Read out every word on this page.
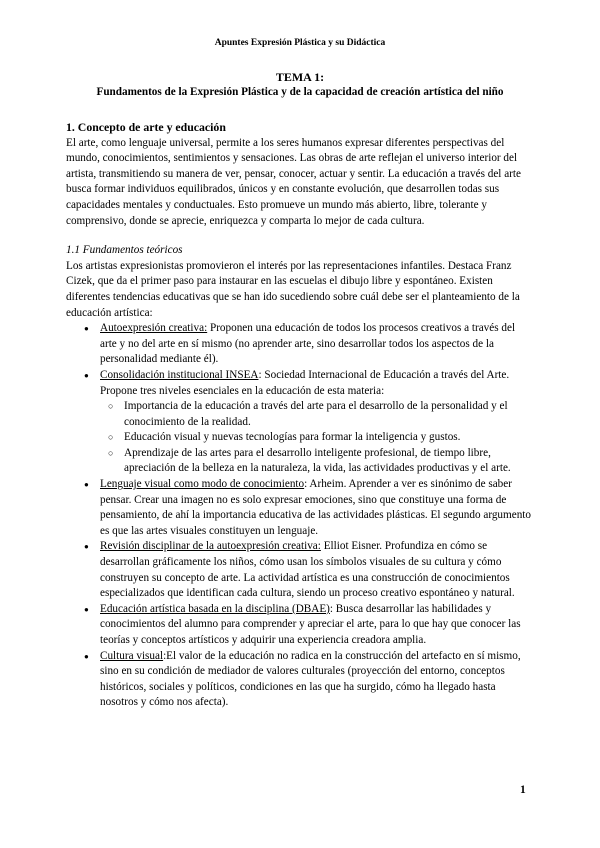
Apuntes Expresión Plástica y su Didáctica

TEMA 1:

Fundamentos de la Expresión Plástica y de la capacidad de creación artística del niño

1. Concepto de arte y educación

El arte, como lenguaje universal, permite a los seres humanos expresar diferentes perspectivas del mundo, conocimientos, sentimientos y sensaciones. Las obras de arte reflejan el universo interior del artista, transmitiendo su manera de ver, pensar, conocer, actuar y sentir. La educación a través del arte busca formar individuos equilibrados, únicos y en constante evolución, que desarrollen todas sus capacidades mentales y conductuales. Esto promueve un mundo más abierto, libre, tolerante y comprensivo, donde se aprecie, enriquezca y comparta lo mejor de cada cultura.

1.1 Fundamentos teóricos

Los artistas expresionistas promovieron el interés por las representaciones infantiles. Destaca Franz Cizek, que da el primer paso para instaurar en las escuelas el dibujo libre y espontáneo. Existen diferentes tendencias educativas que se han ido sucediendo sobre cuál debe ser el planteamiento de la educación artística:

● Autoexpresión creativa: Proponen una educación de todos los procesos creativos a través del arte y no del arte en sí mismo (no aprender arte, sino desarrollar todos los aspectos de la personalidad mediante él).
● Consolidación institucional INSEA: Sociedad Internacional de Educación a través del Arte. Propone tres niveles esenciales en la educación de esta materia:
○ Importancia de la educación a través del arte para el desarrollo de la personalidad y el conocimiento de la realidad.
○ Educación visual y nuevas tecnologías para formar la inteligencia y gustos.
○ Aprendizaje de las artes para el desarrollo inteligente profesional, de tiempo libre, apreciación de la belleza en la naturaleza, la vida, las actividades productivas y el arte.
● Lenguaje visual como modo de conocimiento: Arheim. Aprender a ver es sinónimo de saber pensar. Crear una imagen no es solo expresar emociones, sino que constituye una forma de pensamiento, de ahí la importancia educativa de las actividades plásticas. El segundo argumento es que las artes visuales constituyen un lenguaje.
● Revisión disciplinar de la autoexpresión creativa: Elliot Eisner. Profundiza en cómo se desarrollan gráficamente los niños, cómo usan los símbolos visuales de su cultura y cómo construyen su concepto de arte. La actividad artística es una construcción de conocimientos especializados que identifican cada cultura, siendo un proceso creativo espontáneo y natural.
● Educación artística basada en la disciplina (DBAE): Busca desarrollar las habilidades y conocimientos del alumno para comprender y apreciar el arte, para lo que hay que conocer las teorías y conceptos artísticos y adquirir una experiencia creadora amplia.
● Cultura visual:El valor de la educación no radica en la construcción del artefacto en sí mismo, sino en su condición de mediador de valores culturales (proyección del entorno, conceptos históricos, sociales y políticos, condiciones en las que ha surgido, cómo ha llegado hasta nosotros y cómo nos afecta).
1
